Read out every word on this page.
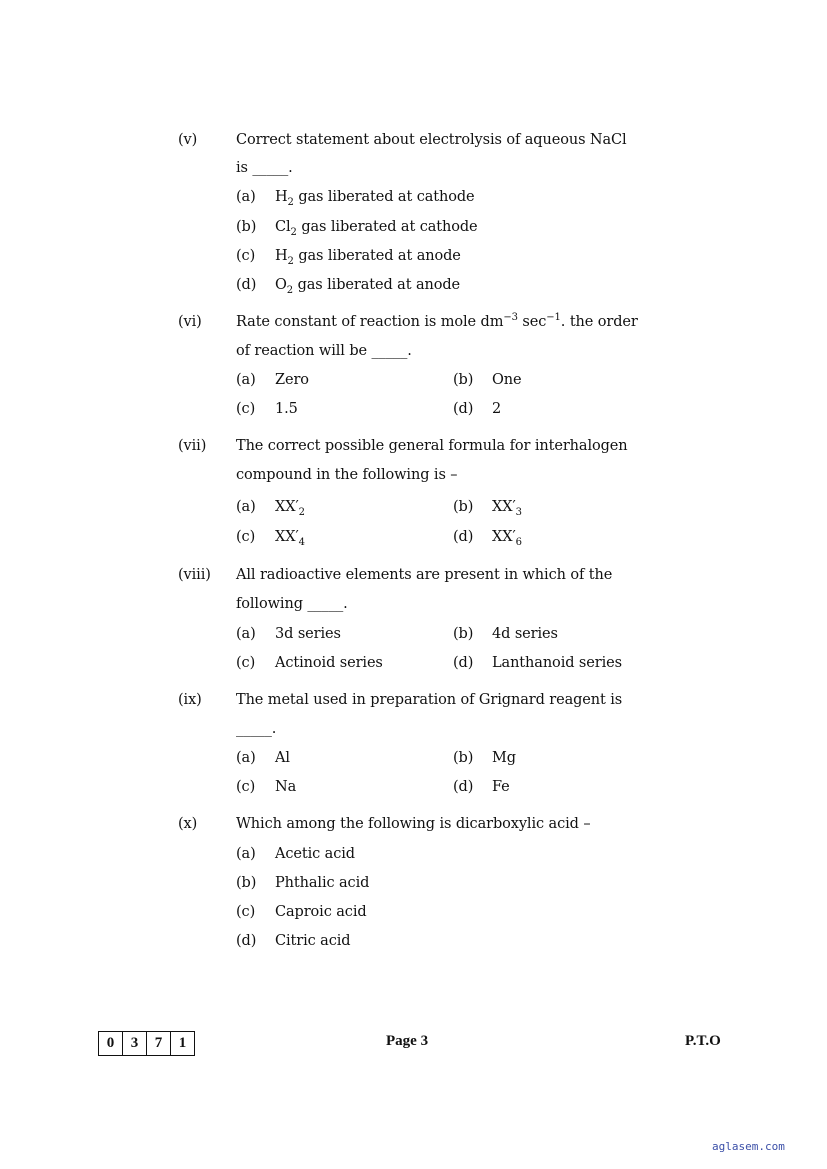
(v)	Correct statement about electrolysis of aqueous NaCl
is _____.
(a) $H_2$ gas liberated at cathode
(b) $Cl_2$ gas liberated at cathode
(c) $H_2$ gas liberated at anode
(d) $O_2$ gas liberated at anode
(vi) Rate constant of reaction is mole $dm^{-3}$ $\sec^{-1}$. the order
of reaction will be _____.
(a) Zero	(b) One
(c) 1.5	(d) 2
(vii) The correct possible general formula for interhalogen
compound in the following is –
(a) $XX'_2$	(b) $XX'_3$
(c) $XX'_4$	(d) $XX'_6$
(viii) All radioactive elements are present in which of the
following _____.
(a) 3d series	(b) 4d series
(c) Actinoid series	(d) Lanthanoid series
(ix) The metal used in preparation of Grignard reagent is
_____.
(a) Al	(b) Mg
(c) Na	(d) Fe
(x)	Which among the following is dicarboxylic acid –
(a) Acetic acid
(b) Phthalic acid
(c) Caproic acid
(d) Citric acid
0	3	7	1	Page 3	P.T.O
aglasem.com
